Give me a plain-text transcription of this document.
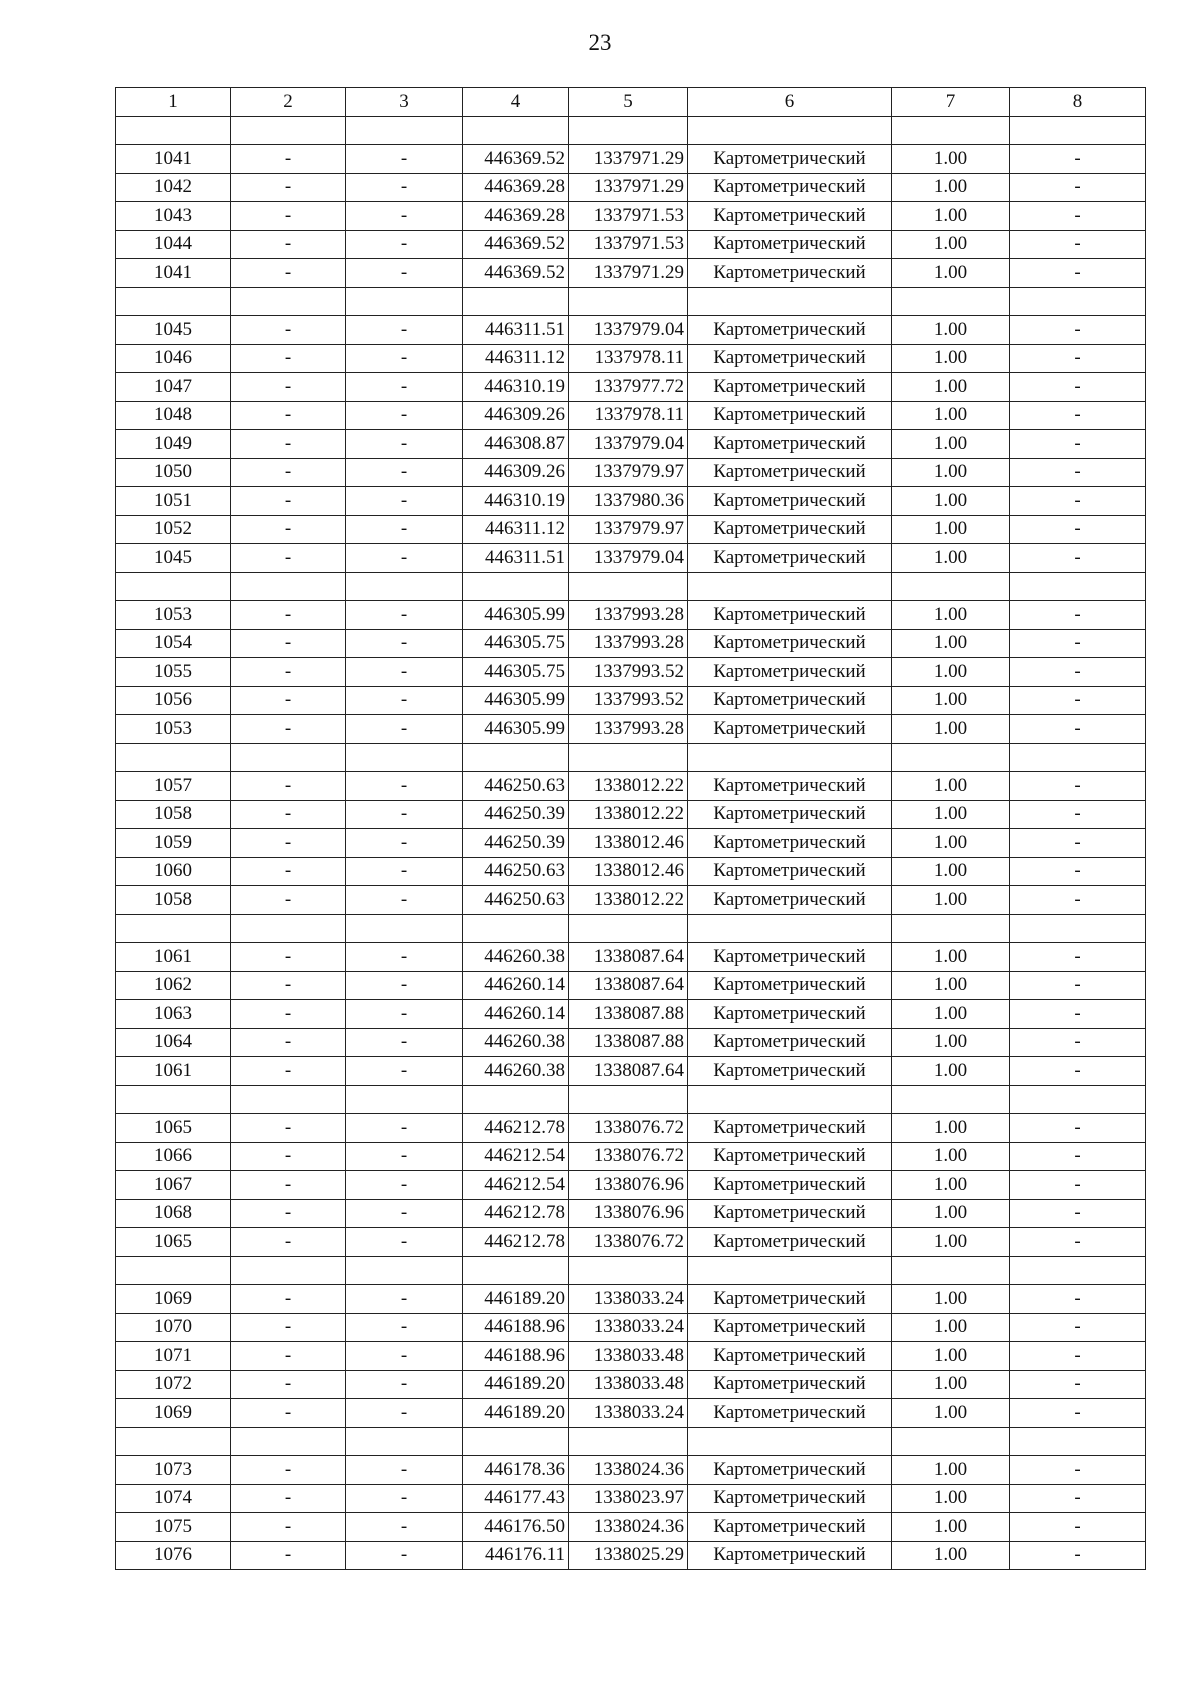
23
1	2	3	4	5	6	7	8

1041	-	-	446369.52	1337971.29	Картометрический	1.00	-
1042	-	-	446369.28	1337971.29	Картометрический	1.00	-
1043	-	-	446369.28	1337971.53	Картометрический	1.00	-
1044	-	-	446369.52	1337971.53	Картометрический	1.00	-
1041	-	-	446369.52	1337971.29	Картометрический	1.00	-

1045	-	-	446311.51	1337979.04	Картометрический	1.00	-
1046	-	-	446311.12	1337978.11	Картометрический	1.00	-
1047	-	-	446310.19	1337977.72	Картометрический	1.00	-
1048	-	-	446309.26	1337978.11	Картометрический	1.00	-
1049	-	-	446308.87	1337979.04	Картометрический	1.00	-
1050	-	-	446309.26	1337979.97	Картометрический	1.00	-
1051	-	-	446310.19	1337980.36	Картометрический	1.00	-
1052	-	-	446311.12	1337979.97	Картометрический	1.00	-
1045	-	-	446311.51	1337979.04	Картометрический	1.00	-

1053	-	-	446305.99	1337993.28	Картометрический	1.00	-
1054	-	-	446305.75	1337993.28	Картометрический	1.00	-
1055	-	-	446305.75	1337993.52	Картометрический	1.00	-
1056	-	-	446305.99	1337993.52	Картометрический	1.00	-
1053	-	-	446305.99	1337993.28	Картометрический	1.00	-

1057	-	-	446250.63	1338012.22	Картометрический	1.00	-
1058	-	-	446250.39	1338012.22	Картометрический	1.00	-
1059	-	-	446250.39	1338012.46	Картометрический	1.00	-
1060	-	-	446250.63	1338012.46	Картометрический	1.00	-
1058	-	-	446250.63	1338012.22	Картометрический	1.00	-

1061	-	-	446260.38	1338087.64	Картометрический	1.00	-
1062	-	-	446260.14	1338087.64	Картометрический	1.00	-
1063	-	-	446260.14	1338087.88	Картометрический	1.00	-
1064	-	-	446260.38	1338087.88	Картометрический	1.00	-
1061	-	-	446260.38	1338087.64	Картометрический	1.00	-

1065	-	-	446212.78	1338076.72	Картометрический	1.00	-
1066	-	-	446212.54	1338076.72	Картометрический	1.00	-
1067	-	-	446212.54	1338076.96	Картометрический	1.00	-
1068	-	-	446212.78	1338076.96	Картометрический	1.00	-
1065	-	-	446212.78	1338076.72	Картометрический	1.00	-

1069	-	-	446189.20	1338033.24	Картометрический	1.00	-
1070	-	-	446188.96	1338033.24	Картометрический	1.00	-
1071	-	-	446188.96	1338033.48	Картометрический	1.00	-
1072	-	-	446189.20	1338033.48	Картометрический	1.00	-
1069	-	-	446189.20	1338033.24	Картометрический	1.00	-

1073	-	-	446178.36	1338024.36	Картометрический	1.00	-
1074	-	-	446177.43	1338023.97	Картометрический	1.00	-
1075	-	-	446176.50	1338024.36	Картометрический	1.00	-
1076	-	-	446176.11	1338025.29	Картометрический	1.00	-
